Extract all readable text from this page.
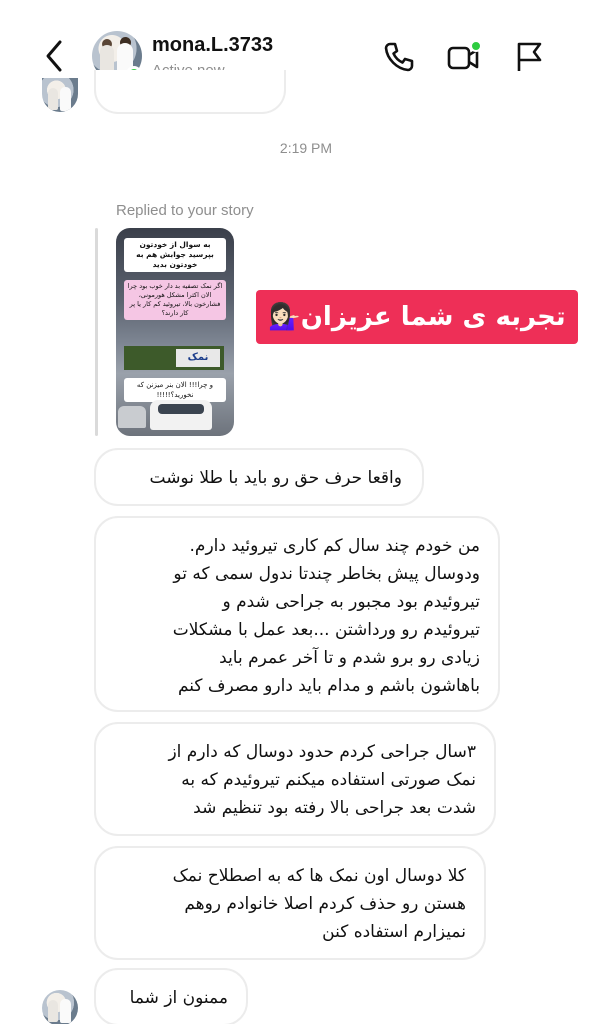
mona.L.3733
2:19 PM
Replied to your story
به سوال از خودتون بپرسید جوابش هم به خودتون بدید
اگر نمک تصفیه بد دار خوب بود چرا الان اکثرا مشکل هورمونی، فشارخون بالا، تیروئید کم کار یا پر کار دارند؟
نمک
و چرا!!! الان بنر میزنن که نخورید؟!!!!!
تجربه ی شما عزیزان💁🏻‍♀️
واقعا حرف حق رو باید با طلا نوشت
من خودم چند سال کم کاری تیروئید دارم.
ودوسال پیش بخاطر چندتا ندول سمی که تو
تیروئیدم بود مجبور به جراحی شدم و
تیروئیدم رو ورداشتن ...بعد عمل با مشکلات
زیادی رو برو شدم و تا آخر عمرم باید
باهاشون باشم و مدام باید دارو مصرف کنم
۳سال جراحی کردم حدود دوسال که دارم از
نمک صورتی استفاده میکنم تیروئیدم که به
شدت بعد جراحی بالا رفته بود تنظیم شد
کلا دوسال اون نمک ها که به اصطلاح نمک
هستن رو حذف کردم اصلا خانوادم روهم
نمیزارم استفاده کنن
ممنون از شما
